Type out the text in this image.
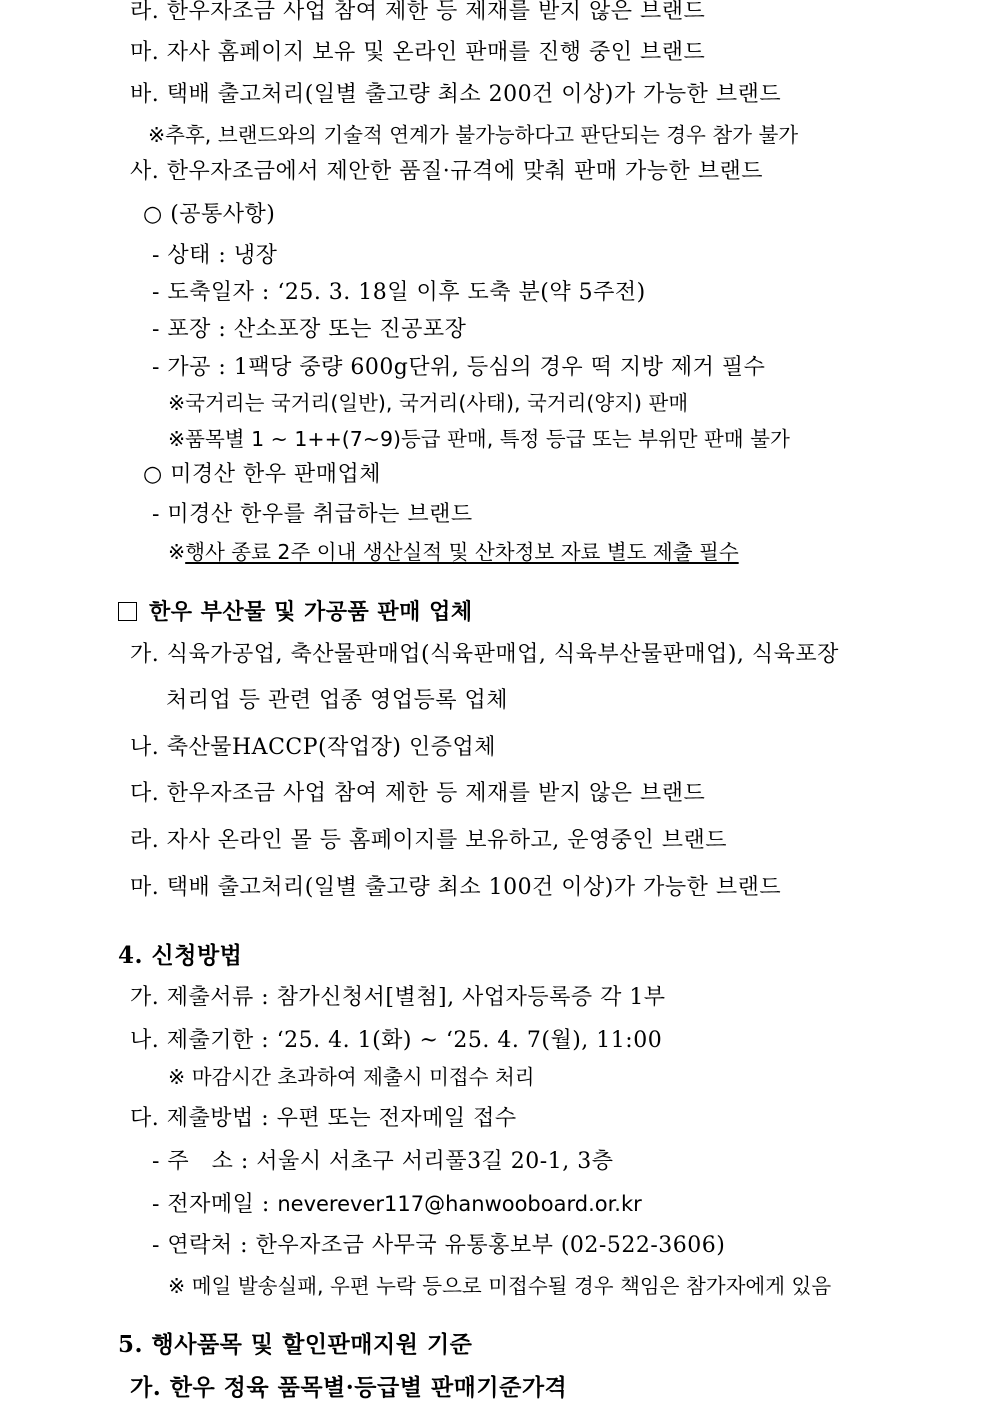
라. 한우자조금 사업 참여 제한 등 제재를 받지 않은 브랜드
마. 자사 홈페이지 보유 및 온라인 판매를 진행 중인 브랜드
바. 택배 출고처리(일별 출고량 최소 200건 이상)가 가능한 브랜드
※추후, 브랜드와의 기술적 연계가 불가능하다고 판단되는 경우 참가 불가
사. 한우자조금에서 제안한 품질·규격에 맞춰 판매 가능한 브랜드
○ (공통사항)
- 상태 : 냉장
- 도축일자 : ‘25. 3. 18일 이후 도축 분(약 5주전)
- 포장 : 산소포장 또는 진공포장
- 가공 : 1팩당 중량 600g단위, 등심의 경우 떡 지방 제거 필수
※국거리는 국거리(일반), 국거리(사태), 국거리(양지) 판매
※품목별 1 ~ 1++(7~9)등급 판매, 특정 등급 또는 부위만 판매 불가
○ 미경산 한우 판매업체
- 미경산 한우를 취급하는 브랜드
※행사 종료 2주 이내 생산실적 및 산차정보 자료 별도 제출 필수
한우 부산물 및 가공품 판매 업체
가. 식육가공업, 축산물판매업(식육판매업, 식육부산물판매업), 식육포장
처리업 등 관련 업종 영업등록 업체
나. 축산물HACCP(작업장) 인증업체
다. 한우자조금 사업 참여 제한 등 제재를 받지 않은 브랜드
라. 자사 온라인 몰 등 홈페이지를 보유하고, 운영중인 브랜드
마. 택배 출고처리(일별 출고량 최소 100건 이상)가 가능한 브랜드
4. 신청방법
가. 제출서류 : 참가신청서[별첨], 사업자등록증 각 1부
나. 제출기한 : ‘25. 4. 1(화) ~ ‘25. 4. 7(월), 11:00
※ 마감시간 초과하여 제출시 미접수 처리
다. 제출방법 : 우편 또는 전자메일 접수
- 주   소 : 서울시 서초구 서리풀3길 20-1, 3층
- 전자메일 : neverever117@hanwooboard.or.kr
- 연락처 : 한우자조금 사무국 유통홍보부 (02-522-3606)
※ 메일 발송실패, 우편 누락 등으로 미접수될 경우 책임은 참가자에게 있음
5. 행사품목 및 할인판매지원 기준
가. 한우 정육 품목별·등급별 판매기준가격
